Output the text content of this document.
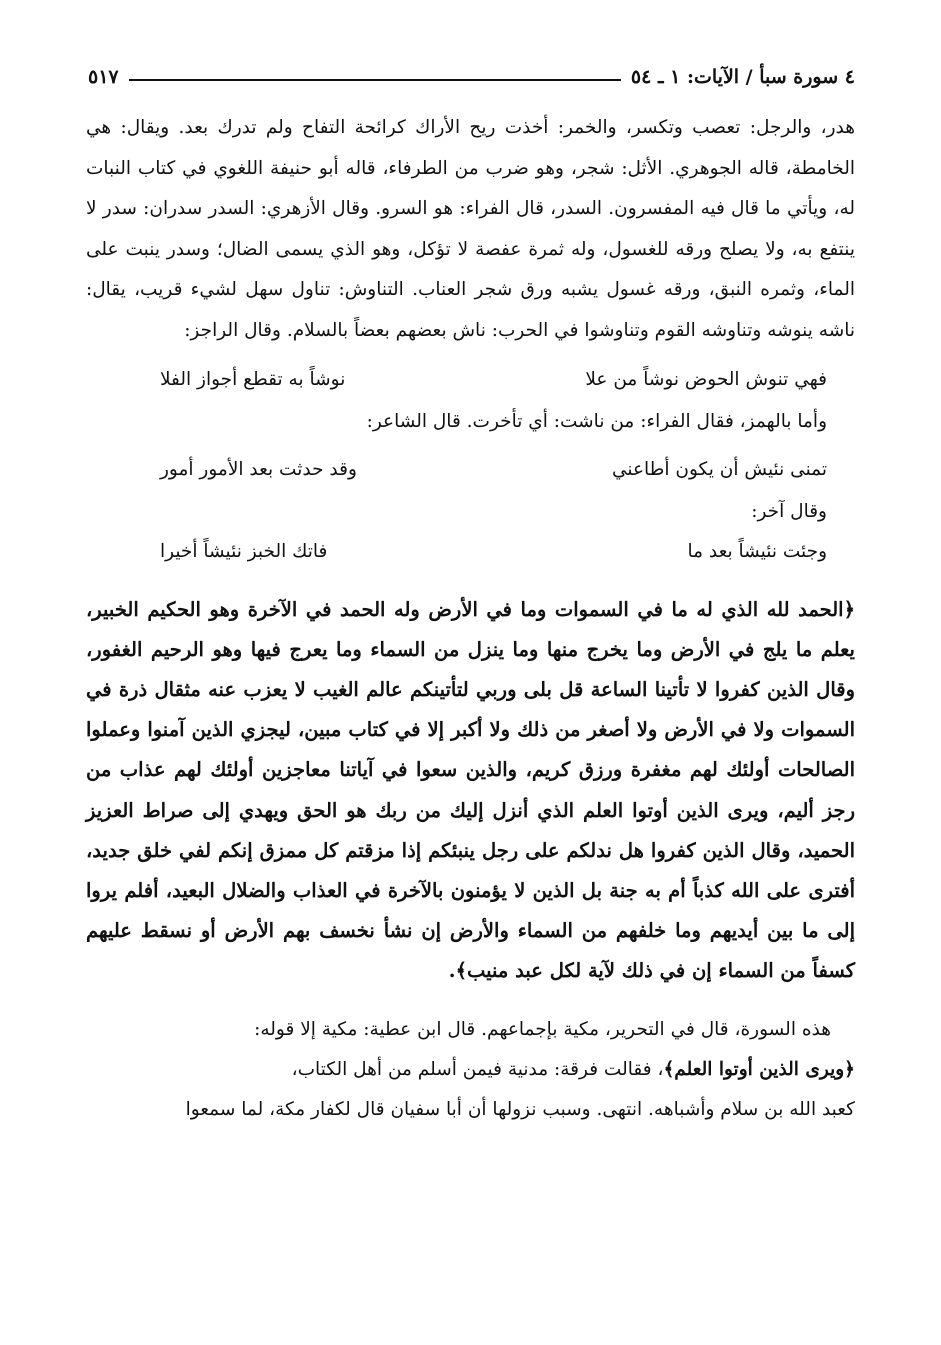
٤ سورة سبأ / الآيات: ١ ـ ٥٤
٥١٧

هدر، والرجل: تعصب وتكسر، والخمر: أخذت ريح الأراك كرائحة التفاح ولم تدرك بعد. ويقال: هي الخامطة، قاله الجوهري. الأثل: شجر، وهو ضرب من الطرفاء، قاله أبو حنيفة اللغوي في كتاب النبات له، ويأتي ما قال فيه المفسرون. السدر، قال الفراء: هو السرو. وقال الأزهري: السدر سدران: سدر لا ينتفع به، ولا يصلح ورقه للغسول، وله ثمرة عفصة لا تؤكل، وهو الذي يسمى الضال؛ وسدر ينبت على الماء، وثمره النبق، ورقه غسول يشبه ورق شجر العناب. التناوش: تناول سهل لشيء قريب، يقال: ناشه ينوشه وتناوشه القوم وتناوشوا في الحرب: ناش بعضهم بعضاً بالسلام. وقال الراجز:

فهي تنوش الحوض نوشاً من علا
نوشاً به تقطع أجواز الفلا
وأما بالهمز، فقال الفراء: من ناشت: أي تأخرت. قال الشاعر:
تمنى نئيش أن يكون أطاعني
وقد حدثت بعد الأمور أمور
وقال آخر:
وجئت نئيشاً بعد ما
فاتك الخبز نئيشاً أخيرا

﴿الحمد لله الذي له ما في السموات وما في الأرض وله الحمد في الآخرة وهو الحكيم الخبير، يعلم ما يلج في الأرض وما يخرج منها وما ينزل من السماء وما يعرج فيها وهو الرحيم الغفور، وقال الذين كفروا لا تأتينا الساعة قل بلى وربي لتأتينكم عالم الغيب لا يعزب عنه مثقال ذرة في السموات ولا في الأرض ولا أصغر من ذلك ولا أكبر إلا في كتاب مبين، ليجزي الذين آمنوا وعملوا الصالحات أولئك لهم مغفرة ورزق كريم، والذين سعوا في آياتنا معاجزين أولئك لهم عذاب من رجز أليم، ويرى الذين أوتوا العلم الذي أنزل إليك من ربك هو الحق ويهدي إلى صراط العزيز الحميد، وقال الذين كفروا هل ندلكم على رجل ينبئكم إذا مزقتم كل ممزق إنكم لفي خلق جديد، أفترى على الله كذباً أم به جنة بل الذين لا يؤمنون بالآخرة في العذاب والضلال البعيد، أفلم يروا إلى ما بين أيديهم وما خلفهم من السماء والأرض إن نشأ نخسف بهم الأرض أو نسقط عليهم كسفاً من السماء إن في ذلك لآية لكل عبد منيب﴾.

هذه السورة، قال في التحرير، مكية بإجماعهم. قال ابن عطية: مكية إلا قوله:
﴿ويرى الذين أوتوا العلم﴾، فقالت فرقة: مدنية فيمن أسلم من أهل الكتاب،
كعبد الله بن سلام وأشباهه. انتهى. وسبب نزولها أن أبا سفيان قال لكفار مكة، لما سمعوا
